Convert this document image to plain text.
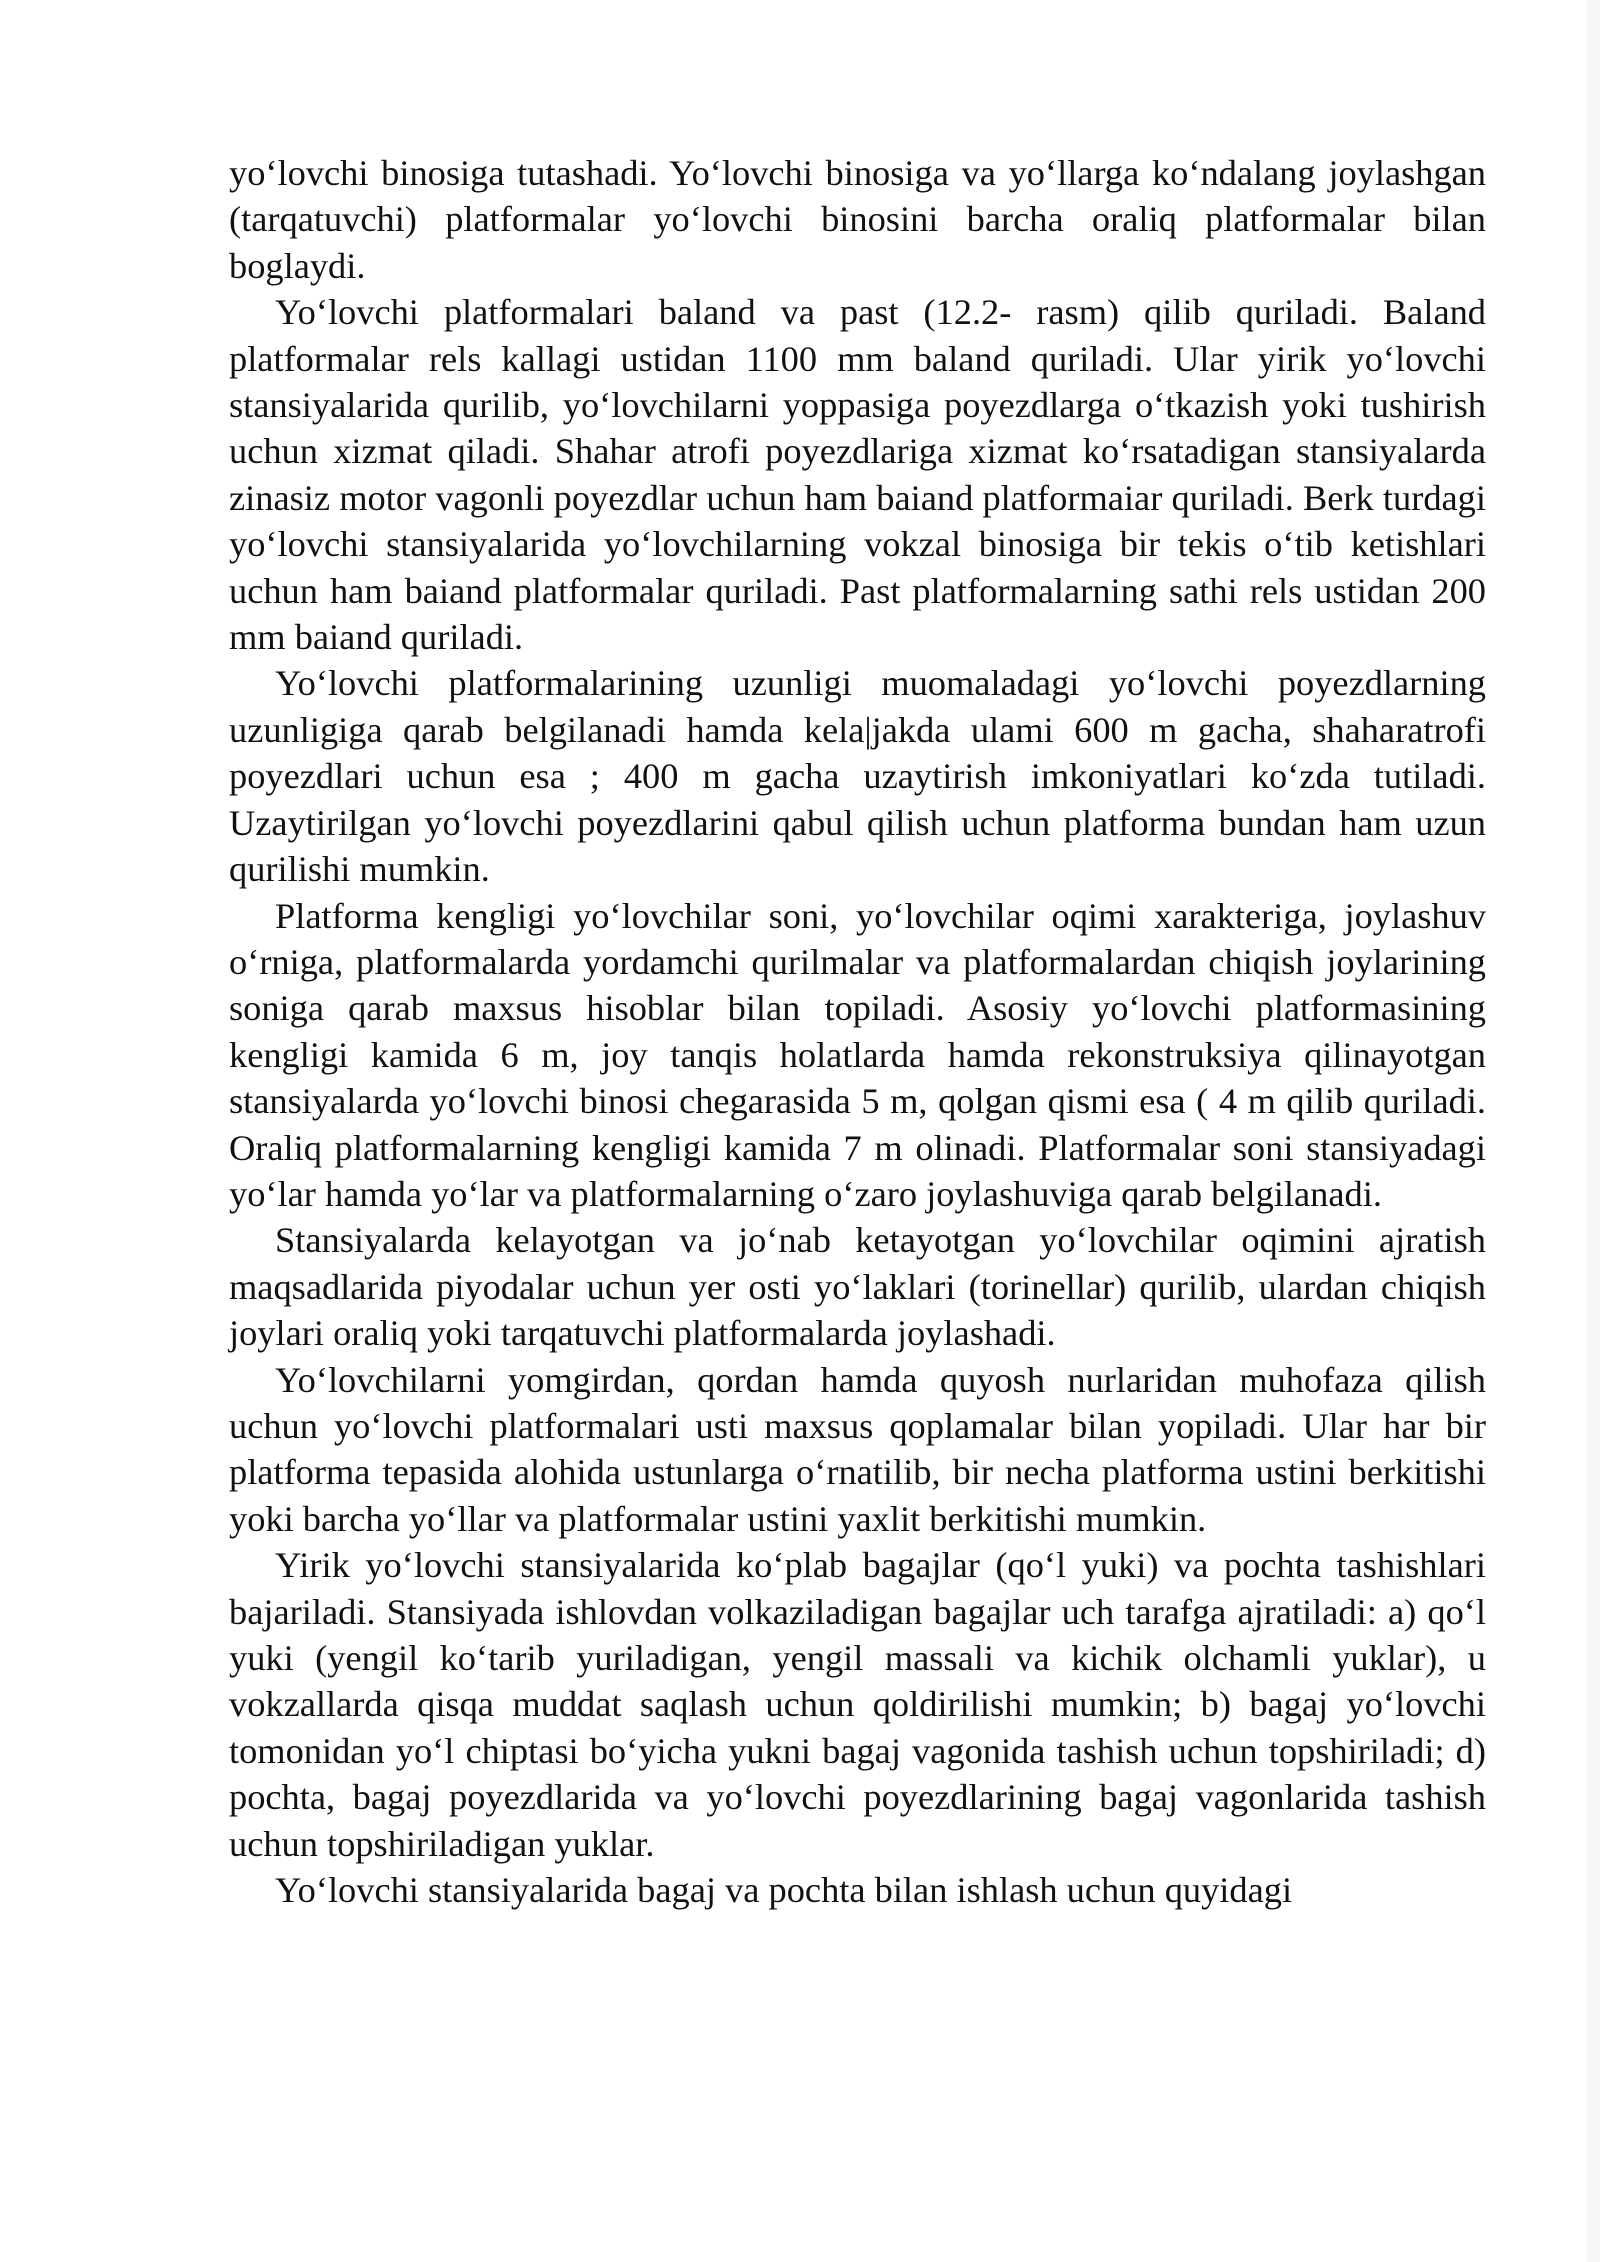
yo‘lovchi binosiga tutashadi. Yo‘lovchi binosiga va yo‘llarga ko‘ndalang joylashgan (tarqatuvchi) platformalar yo‘lovchi binosini barcha oraliq platformalar bilan boglaydi.

Yo‘lovchi platformalari baland va past (12.2- rasm) qilib quriladi. Baland platformalar rels kallagi ustidan 1100 mm baland quriladi. Ular yirik yo‘lovchi stansiyalarida qurilib, yo‘lovchilarni yoppasiga poyezdlarga o‘tkazish yoki tushirish uchun xizmat qiladi. Shahar atrofi poyezdlariga xizmat ko‘rsatadigan stansiyalarda zinasiz motor vagonli poyezdlar uchun ham baiand platformaiar quriladi. Berk turdagi yo‘lovchi stansiyalarida yo‘lovchilarning vokzal binosiga bir tekis o‘tib ketishlari uchun ham baiand platformalar quriladi. Past platformalarning sathi rels ustidan 200 mm baiand quriladi.

Yo‘lovchi platformalarining uzunligi muomaladagi yo‘lovchi poyezdlarning uzunligiga qarab belgilanadi hamda kela|jakda ulami 600 m gacha, shaharatrofi poyezdlari uchun esa ; 400 m gacha uzaytirish imkoniyatlari ko‘zda tutiladi. Uzaytirilgan yo‘lovchi poyezdlarini qabul qilish uchun platforma bundan ham uzun qurilishi mumkin.

Platforma kengligi yo‘lovchilar soni, yo‘lovchilar oqimi xarakteriga, joylashuv o‘rniga, platformalarda yordamchi qurilmalar va platformalardan chiqish joylarining soniga qarab maxsus hisoblar bilan topiladi. Asosiy yo‘lovchi platformasining kengligi kamida 6 m, joy tanqis holatlarda hamda rekonstruksiya qilinayotgan stansiyalarda yo‘lovchi binosi chegarasida 5 m, qolgan qismi esa ( 4 m qilib quriladi. Oraliq platformalarning kengligi kamida 7 m olinadi. Platformalar soni stansiyadagi yo‘lar hamda yo‘lar va platformalarning o‘zaro joylashuviga qarab belgilanadi.

Stansiyalarda kelayotgan va jo‘nab ketayotgan yo‘lovchilar oqimini ajratish maqsadlarida piyodalar uchun yer osti yo‘laklari (torinellar) qurilib, ulardan chiqish joylari oraliq yoki tarqatuvchi platformalarda joylashadi.

Yo‘lovchilarni yomgirdan, qordan hamda quyosh nurlaridan muhofaza qilish uchun yo‘lovchi platformalari usti maxsus qoplamalar bilan yopiladi. Ular har bir platforma tepasida alohida ustunlarga o‘rnatilib, bir necha platforma ustini berkitishi yoki barcha yo‘llar va platformalar ustini yaxlit berkitishi mumkin.

Yirik yo‘lovchi stansiyalarida ko‘plab bagajlar (qo‘l yuki) va pochta tashishlari bajariladi. Stansiyada ishlovdan volkaziladigan bagajlar uch tarafga ajratiladi: a) qo‘l yuki (yengil ko‘tarib yuriladigan, yengil massali va kichik olchamli yuklar), u vokzallarda qisqa muddat saqlash uchun qoldirilishi mumkin; b) bagaj yo‘lovchi tomonidan yo‘l chiptasi bo‘yicha yukni bagaj vagonida tashish uchun topshiriladi; d) pochta, bagaj poyezdlarida va yo‘lovchi poyezdlarining bagaj vagonlarida tashish uchun topshiriladigan yuklar.

Yo‘lovchi stansiyalarida bagaj va pochta bilan ishlash uchun quyidagi
